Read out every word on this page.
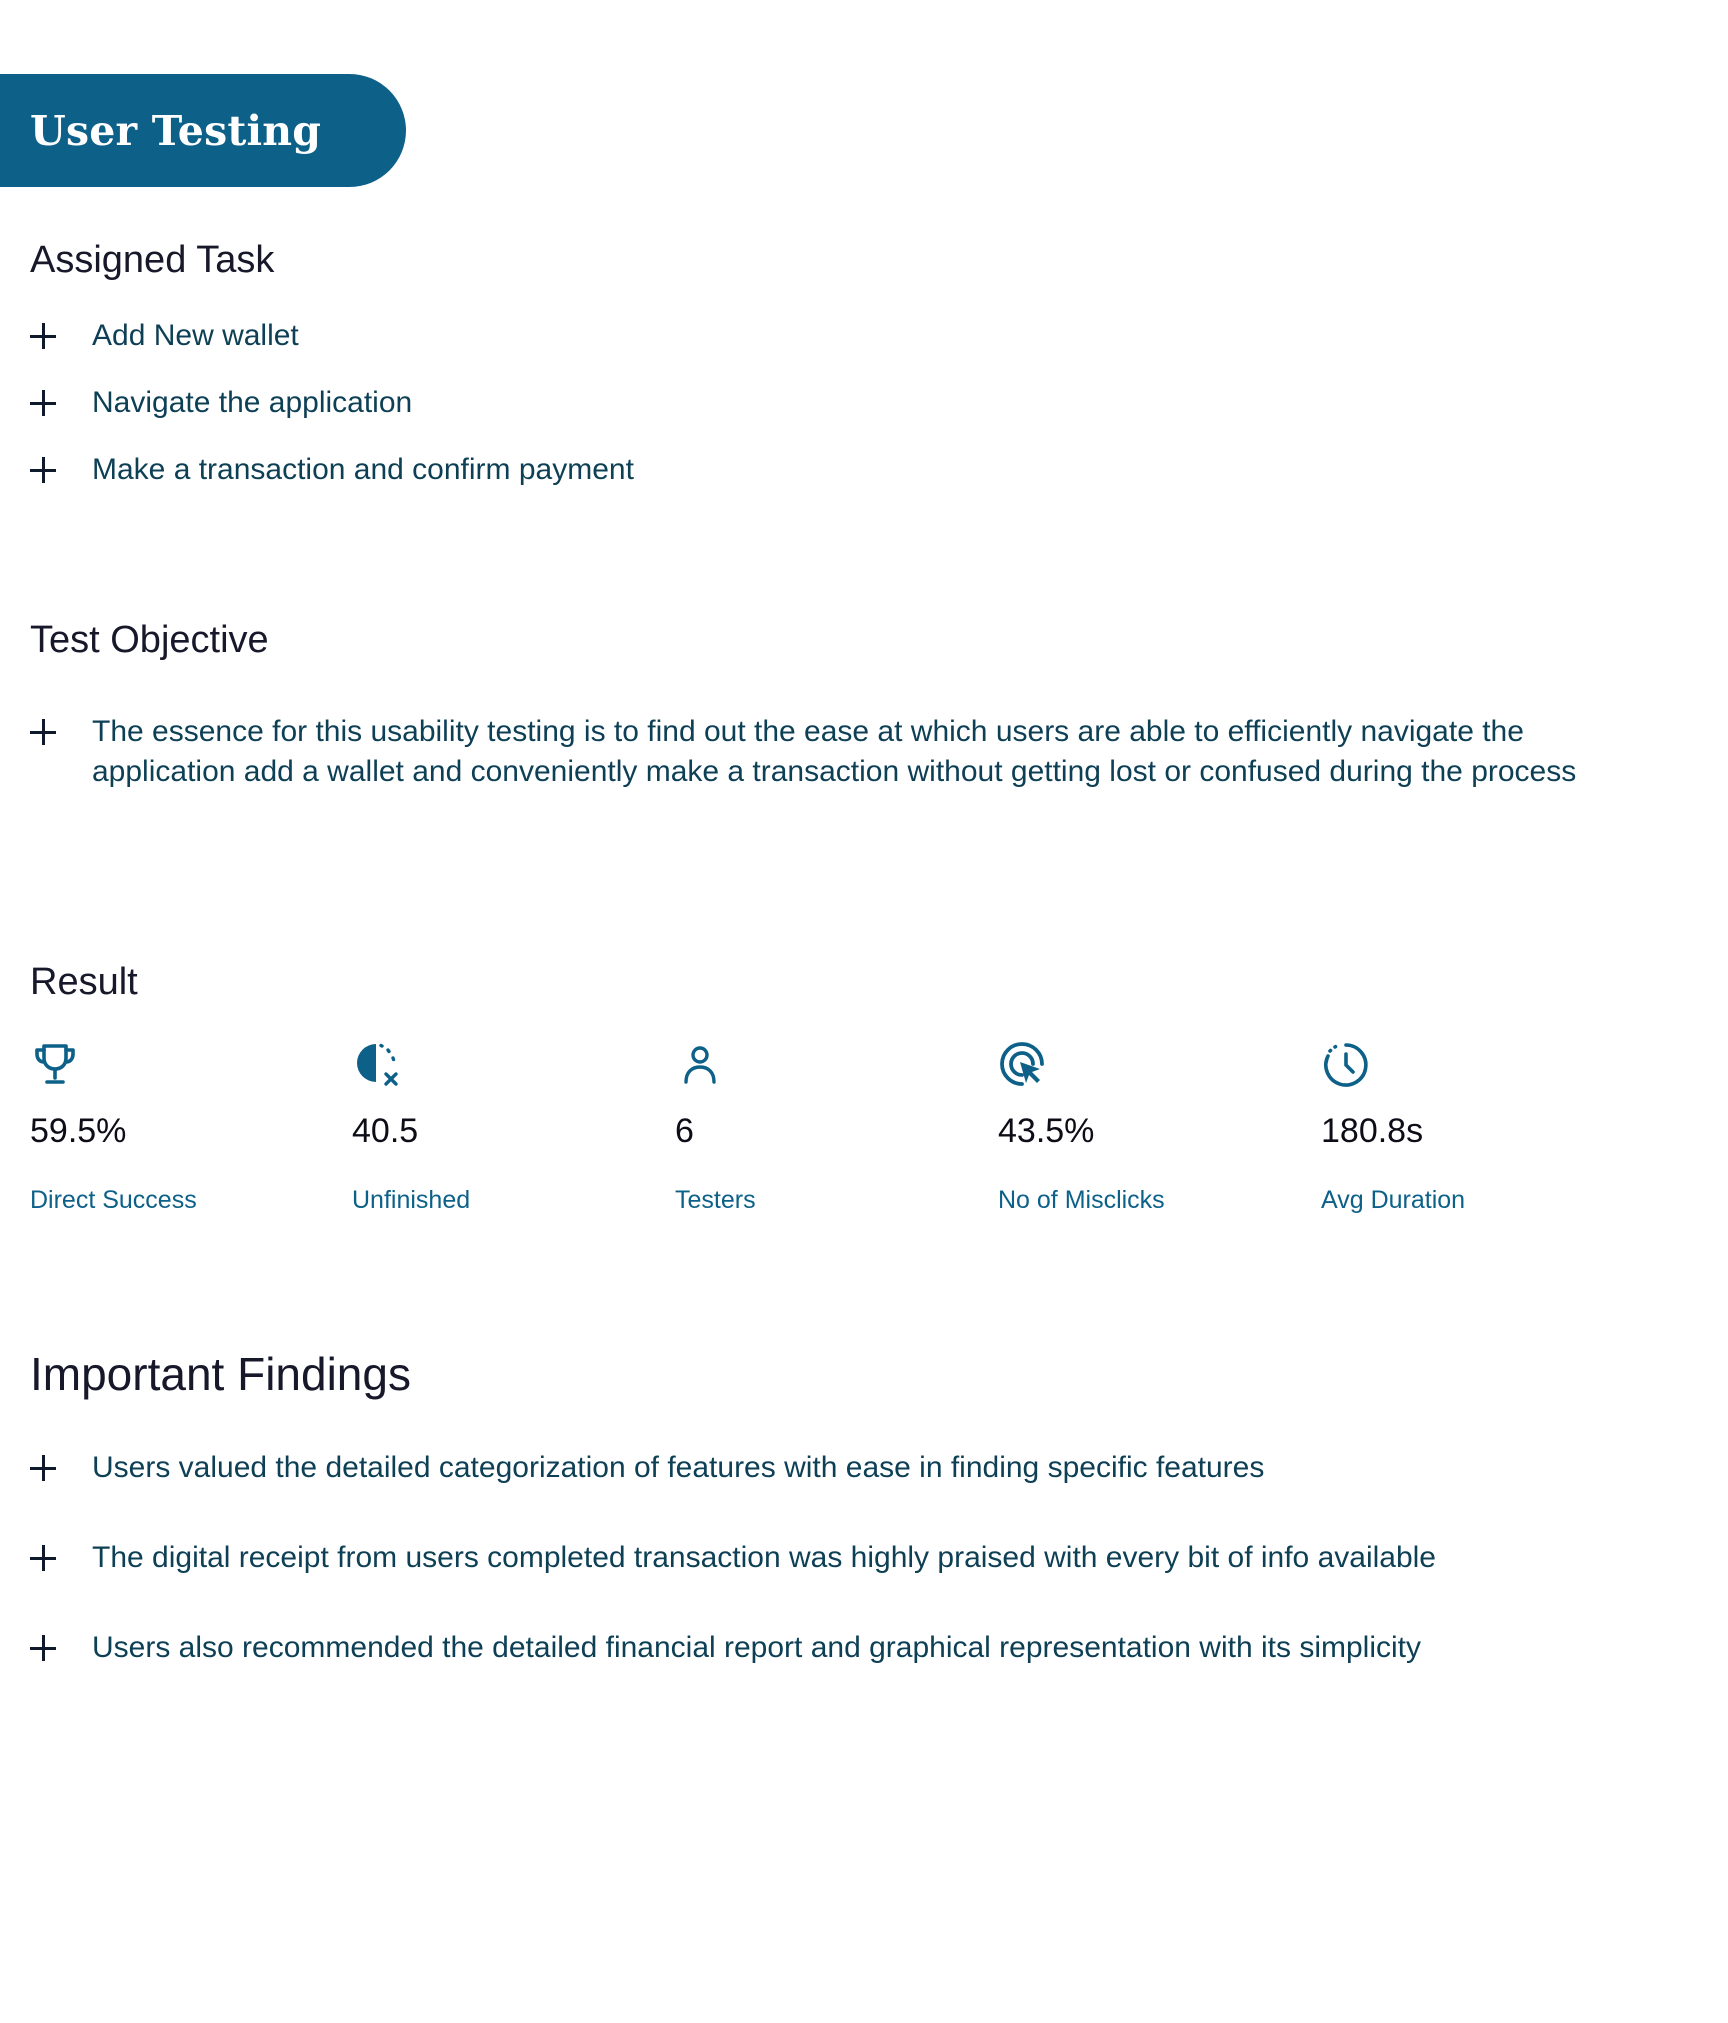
User Testing
Assigned Task
Add New wallet
Navigate the application
Make a transaction and confirm payment
Test Objective
The essence for this usability testing is to find out the ease at which users are able to efficiently navigate the application add a wallet and conveniently make a transaction without getting lost or confused during the process
Result
59.5%
Direct Success
40.5
Unfinished
6
Testers
43.5%
No of Misclicks
180.8s
Avg Duration
Important Findings
Users valued the detailed categorization of features with ease in finding specific features
The digital receipt from users completed transaction was highly praised with every bit of info available
Users also recommended the detailed financial report and graphical representation with its simplicity
